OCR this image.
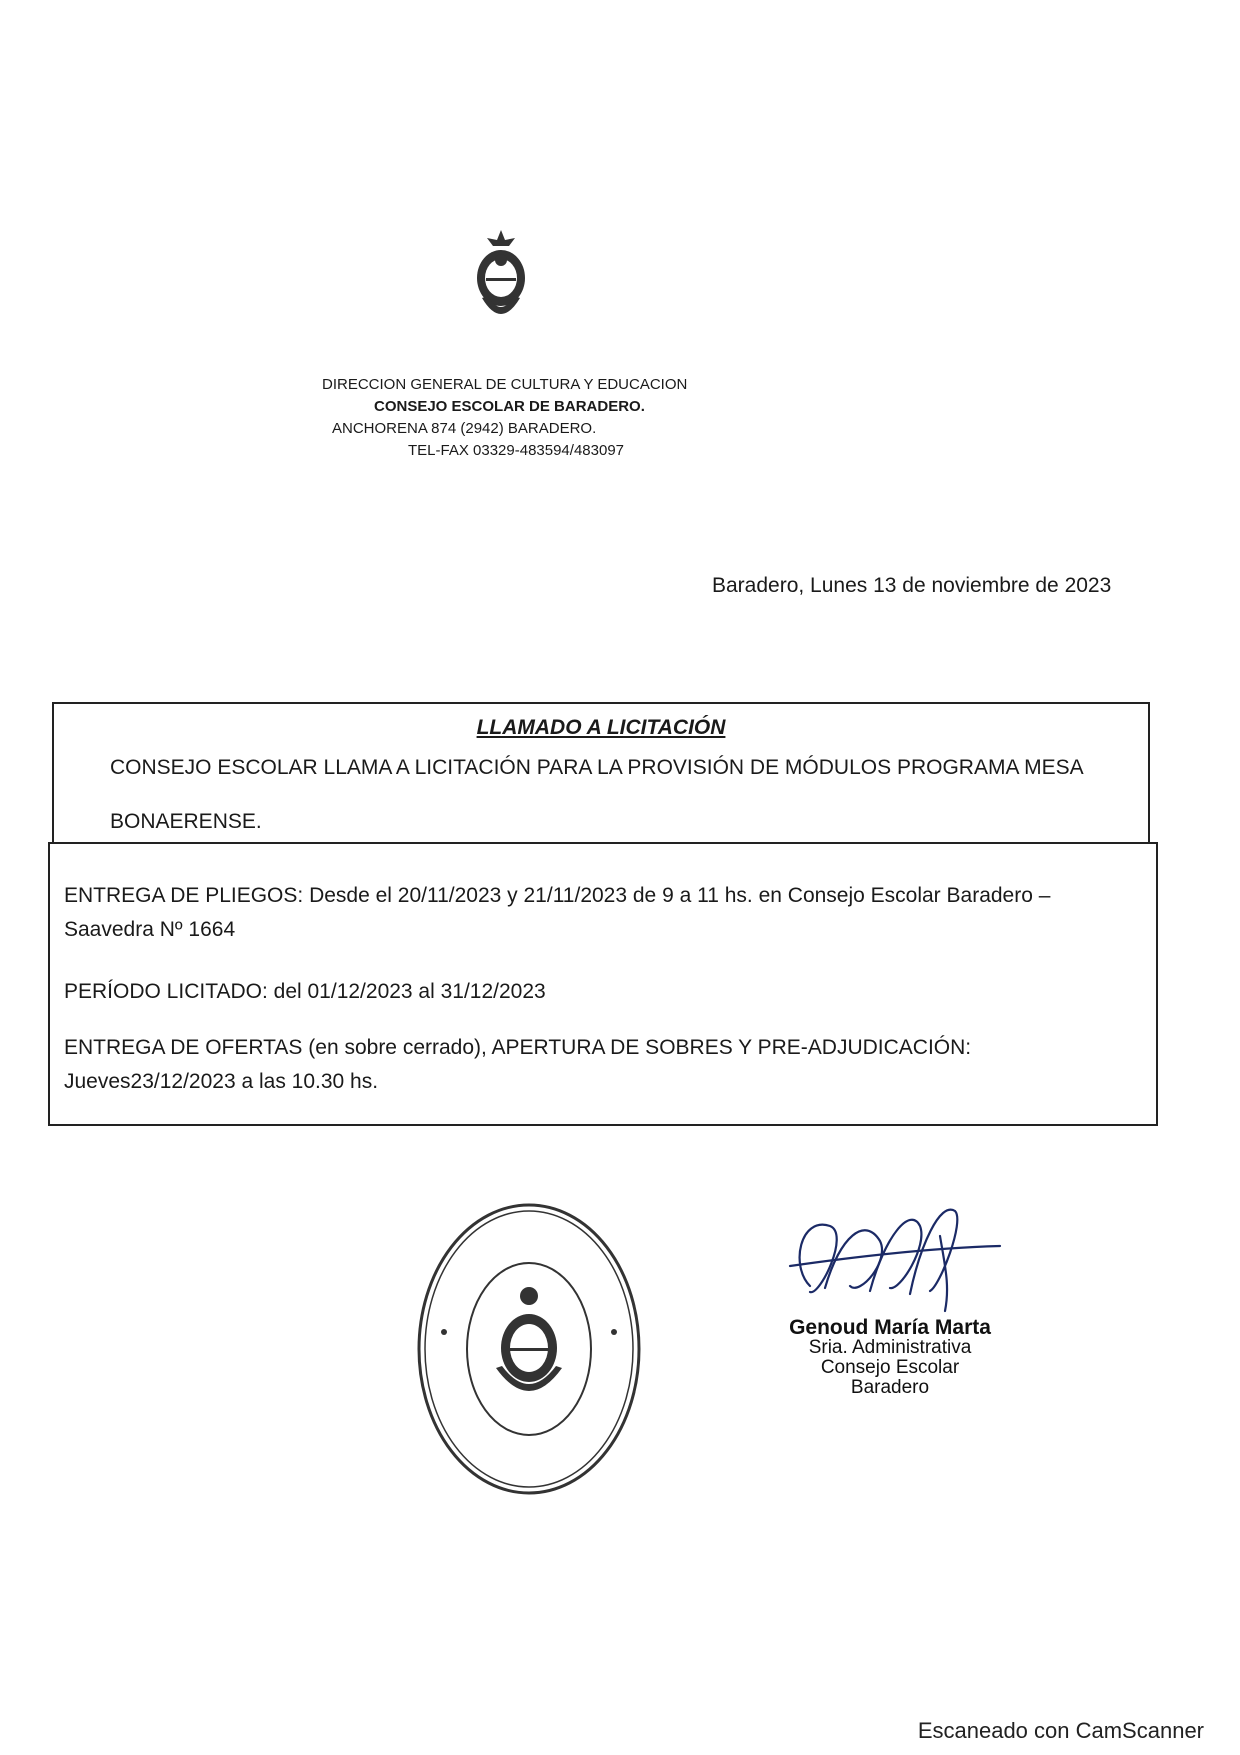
DIRECCION GENERAL DE CULTURA Y EDUCACION
CONSEJO ESCOLAR DE BARADERO.
ANCHORENA 874 (2942) BARADERO.
TEL-FAX 03329-483594/483097
Baradero, Lunes 13 de noviembre de 2023
LLAMADO A LICITACIÓN
CONSEJO ESCOLAR LLAMA A LICITACIÓN PARA LA PROVISIÓN DE MÓDULOS PROGRAMA MESA
BONAERENSE.
ENTREGA DE PLIEGOS: Desde el 20/11/2023 y 21/11/2023 de 9 a 11 hs. en Consejo Escolar Baradero –
Saavedra Nº 1664
PERÍODO LICITADO: del 01/12/2023 al 31/12/2023
ENTREGA DE OFERTAS (en sobre cerrado), APERTURA DE SOBRES Y PRE-ADJUDICACIÓN:
Jueves23/12/2023 a las 10.30 hs.
Genoud María Marta
Sria. Administrativa
Consejo Escolar
Baradero
Escaneado con CamScanner
